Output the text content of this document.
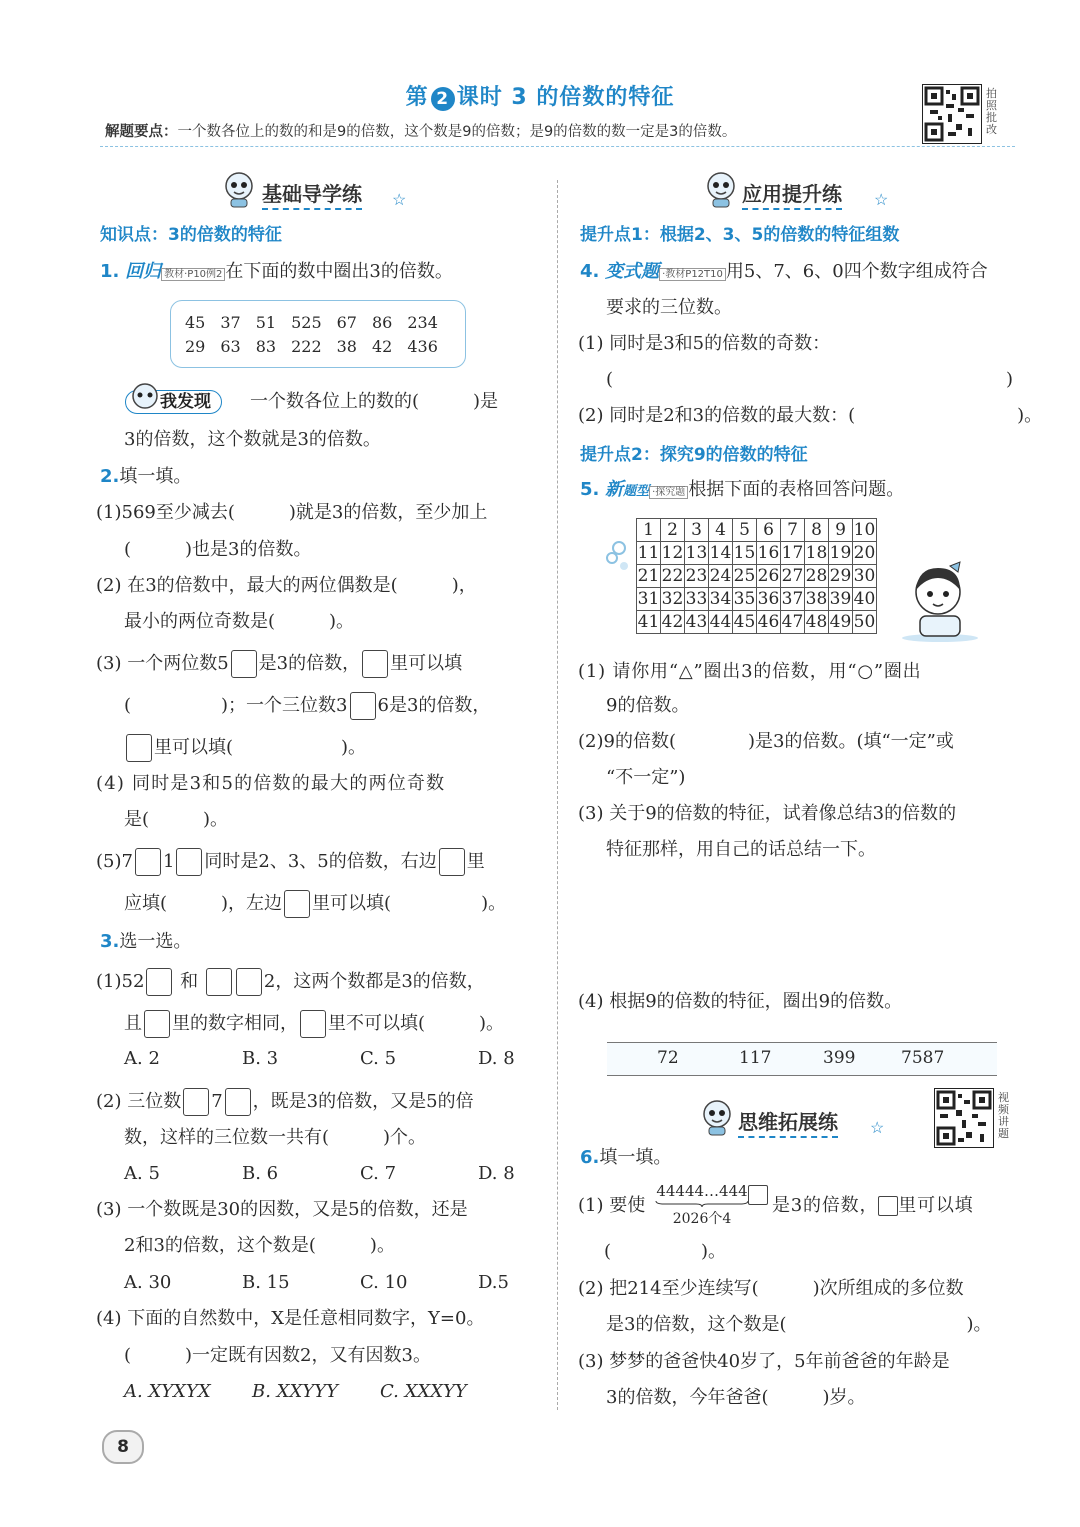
第 2 课时 3 的倍数的特征
解题要点：一个数各位上的数的和是9的倍数，这个数是9的倍数；是9的倍数的数一定是3的倍数。
拍照批改
基础导学练 ☆
知识点：3的倍数的特征
1. 回归 教材·P10例2 在下面的数中圈出3的倍数。
45 37 51 525 67 86 234
29 63 83 222 38 42 436
我发现	一个数各位上的数的(　　　)是
3的倍数，这个数就是3的倍数。
2.填一填。
(1)569至少减去(　　　)就是3的倍数，至少加上
(　　　)也是3的倍数。
(2) 在3的倍数中，最大的两位偶数是(　　　)，
最小的两位奇数是(　　　)。
(3) 一个两位数5 是3的倍数， 里可以填
(　　　　　)；一个三位数3 6是3的倍数，
里可以填(　　　　　　)。
(4) 同时是3和5的倍数的最大的两位奇数
是(　　　)。
(5)7 1 同时是2、3、5的倍数，右边 里
应填(　　　)，左边 里可以填(　　　　　)。
3.选一选。
(1)52 和	2，这两个数都是3的倍数，
且 里的数字相同， 里不可以填(　　　)。
A. 2	B. 3	C. 5	D. 8
(2) 三位数 7 ，既是3的倍数，又是5的倍
数，这样的三位数一共有(　　　)个。
A. 5	B. 6	C. 7	D. 8
(3) 一个数既是30的因数，又是5的倍数，还是
2和3的倍数，这个数是(　　　)。
A. 30	B. 15	C. 10	D.5
(4) 下面的自然数中，X是任意相同数字，Y=0。
(　　　)一定既有因数2，又有因数3。
A. XYXYX B. XXYYY C. XXXYY
应用提升练 ☆
提升点1：根据2、3、5的倍数的特征组数
4. 变式题 ·教材P12T10 用5、7、6、0四个数字组成符合
要求的三位数。
(1) 同时是3和5的倍数的奇数：
(	)
(2) 同时是2和3的倍数的最大数：(　　　　　　　　　)。
提升点2：探究9的倍数的特征
5. 新题型 ·探究题 根据下面的表格回答问题。
1	2	3	4	5	6	7	8	9	10
11	12	13	14	15	16	17	18	19	20
21	22	23	24	25	26	27	28	29	30
31	32	33	34	35	36	37	38	39	40
41	42	43	44	45	46	47	48	49	50
(1) 请你用“△”圈出3的倍数，用“○”圈出
9的倍数。
(2)9的倍数(　　　　)是3的倍数。(填“一定”或
“不一定”)
(3) 关于9的倍数的特征，试着像总结3的倍数的
特征那样，用自己的话总结一下。
(4) 根据9的倍数的特征，圈出9的倍数。
72	117	399	7587
思维拓展练 ☆
视频讲题
6.填一填。
(1) 要使
44444…444
2026个4
是3的倍数， 里可以填
(　　　　　)。
(2) 把214至少连续写(　　　)次所组成的多位数
是3的倍数，这个数是(　　　　　　　　　　)。
(3) 梦梦的爸爸快40岁了，5年前爸爸的年龄是
3的倍数，今年爸爸(　　　)岁。
8
